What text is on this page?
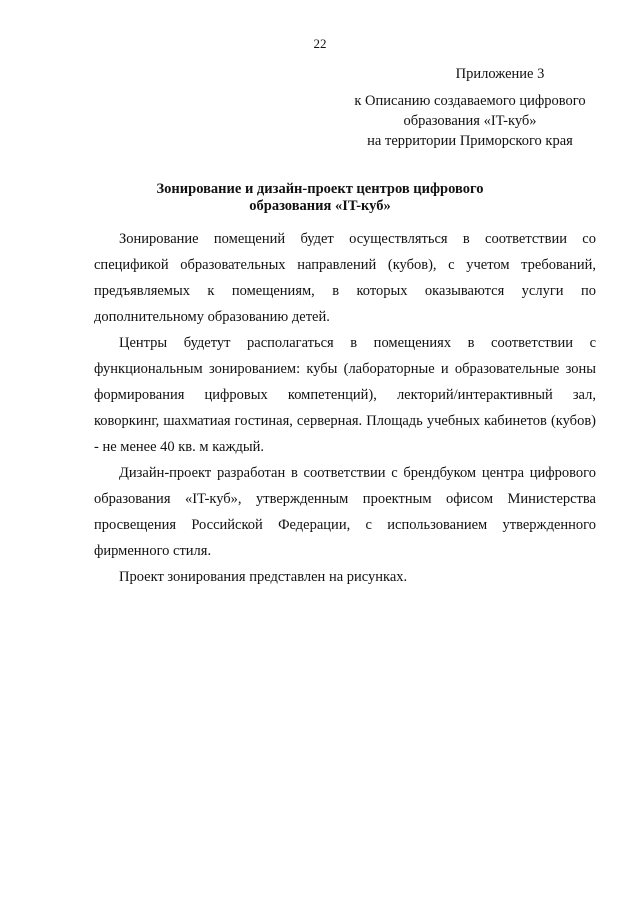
22
Приложение 3
к Описанию создаваемого цифрового
образования «IT-куб»
на территории Приморского края
Зонирование и дизайн-проект центров цифрового
образования «IT-куб»

Зонирование помещений будет осуществляться в соответствии со спецификой образовательных направлений (кубов), с учетом требований, предъявляемых к помещениям, в которых оказываются услуги по дополнительному образованию детей.

Центры будетут располагаться в помещениях в соответствии с функциональным зонированием: кубы (лабораторные и образовательные зоны формирования цифровых компетенций), лекторий/интерактивный зал, коворкинг, шахматиая гостиная, серверная. Площадь учебных кабинетов (кубов) - не менее 40 кв. м каждый.

Дизайн-проект разработан в соответствии с брендбуком центра цифрового образования «IT-куб», утвержденным проектным офисом Министерства просвещения Российской Федерации, с использованием утвержденного фирменного стиля.

Проект зонирования представлен на рисунках.
